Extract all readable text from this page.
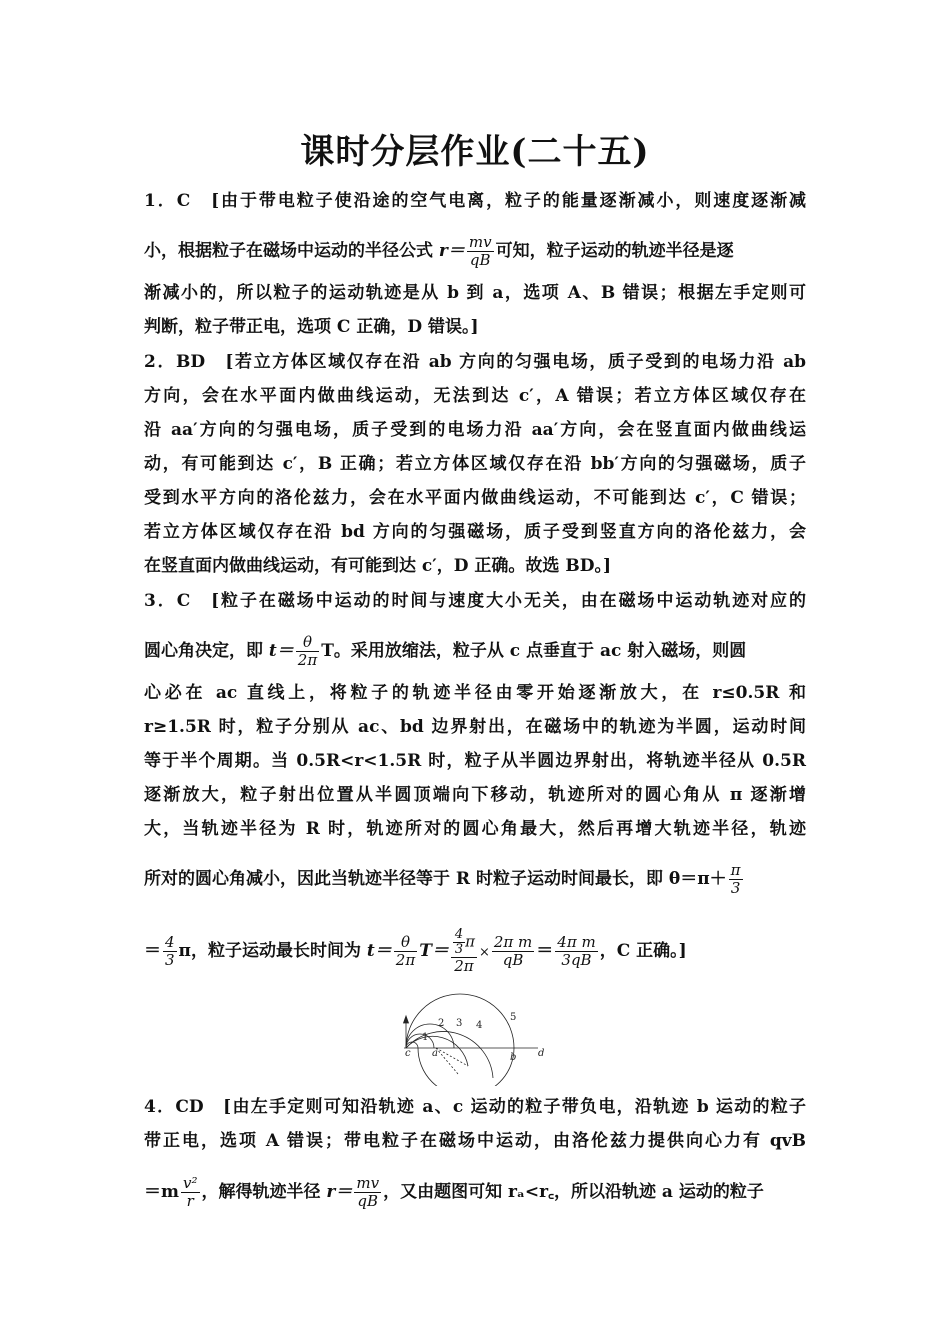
课时分层作业(二十五)
1．C　[由于带电粒子使沿途的空气电离，粒子的能量逐渐减小，则速度逐渐减
小，根据粒子在磁场中运动的半径公式 $r= \frac{mv}{qB}$ 可知，粒子运动的轨迹半径是逐
渐减小的，所以粒子的运动轨迹是从 b 到 a，选项 A、B 错误；根据左手定则可
判断，粒子带正电，选项 C 正确，D 错误。]
2．BD　[若立方体区域仅存在沿 ab 方向的匀强电场，质子受到的电场力沿 ab
方向，会在水平面内做曲线运动，无法到达 c′，A 错误；若立方体区域仅存在
沿 aa′方向的匀强电场，质子受到的电场力沿 aa′方向，会在竖直面内做曲线运
动，有可能到达 c′，B 正确；若立方体区域仅存在沿 bb′方向的匀强磁场，质子
受到水平方向的洛伦兹力，会在水平面内做曲线运动，不可能到达 c′，C 错误；
若立方体区域仅存在沿 bd 方向的匀强磁场，质子受到竖直方向的洛伦兹力，会
在竖直面内做曲线运动，有可能到达 c′，D 正确。故选 BD。]
3．C　[粒子在磁场中运动的时间与速度大小无关，由在磁场中运动轨迹对应的
圆心角决定，即 $t= \frac{\theta}{2\pi}$ T。采用放缩法，粒子从 c 点垂直于 ac 射入磁场，则圆
心必在 ac 直线上，将粒子的轨迹半径由零开始逐渐放大，在 r≤0.5R 和
r≥1.5R 时，粒子分别从 ac、bd 边界射出，在磁场中的轨迹为半圆，运动时间
等于半个周期。当 0.5R<r<1.5R 时，粒子从半圆边界射出，将轨迹半径从 0.5R
逐渐放大，粒子射出位置从半圆顶端向下移动，轨迹所对的圆心角从 π 逐渐增
大，当轨迹半径为 R 时，轨迹所对的圆心角最大，然后再增大轨迹半径，轨迹
所对的圆心角减小，因此当轨迹半径等于 R 时粒子运动时间最长，即 $\theta=\pi+ \frac{\pi}{3}$
＝ $\frac{4}{3}$ π，粒子运动最长时间为 $t= \frac{\theta}{2\pi} T= \frac{\frac{4}{3} \pi}{2\pi} \times \frac{\text{2π m}}{qB} = \frac{\text{4π m}}{3qB}$ ，C 正确。]
1
2 3 4
5
c a	b d
4．CD　[由左手定则可知沿轨迹 a、c 运动的粒子带负电，沿轨迹 b 运动的粒子
带正电，选项 A 错误；带电粒子在磁场中运动，由洛伦兹力提供向心力有 qvB
$=m \frac{\text{v²}}{r}$ ，解得轨迹半径 $r= \frac{mv}{qB}$ ，又由题图可知 rₐ<r꜀，所以沿轨迹 a 运动的粒子
